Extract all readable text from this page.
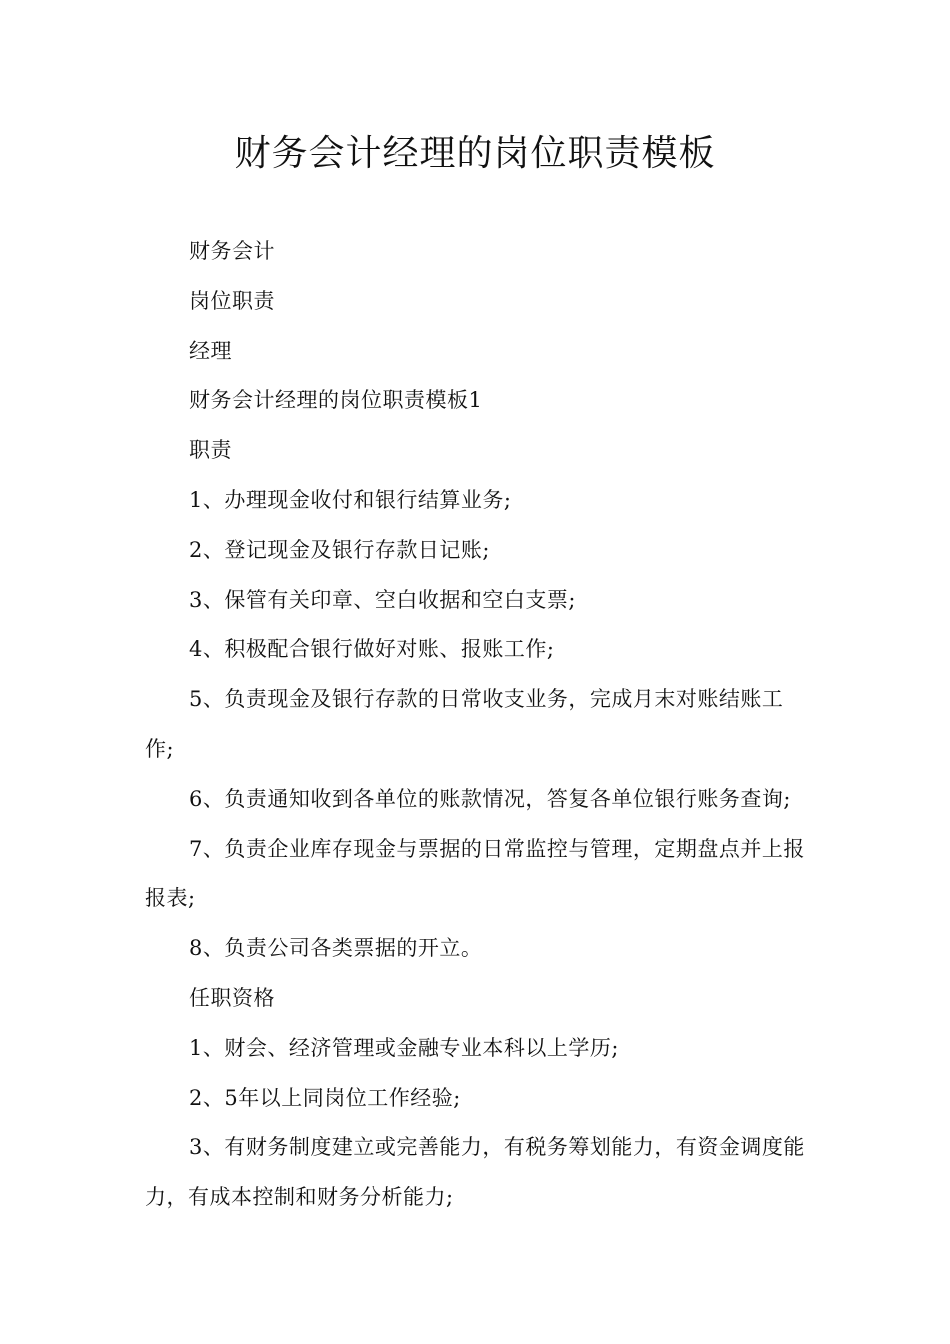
财务会计经理的岗位职责模板

财务会计

岗位职责

经理

财务会计经理的岗位职责模板1

职责

1、办理现金收付和银行结算业务;

2、登记现金及银行存款日记账;

3、保管有关印章、空白收据和空白支票;

4、积极配合银行做好对账、报账工作;

5、负责现金及银行存款的日常收支业务，完成月末对账结账工作;

6、负责通知收到各单位的账款情况，答复各单位银行账务查询;

7、负责企业库存现金与票据的日常监控与管理，定期盘点并上报报表;

8、负责公司各类票据的开立。

任职资格

1、财会、经济管理或金融专业本科以上学历;

2、5年以上同岗位工作经验;

3、有财务制度建立或完善能力，有税务筹划能力，有资金调度能力，有成本控制和财务分析能力;
